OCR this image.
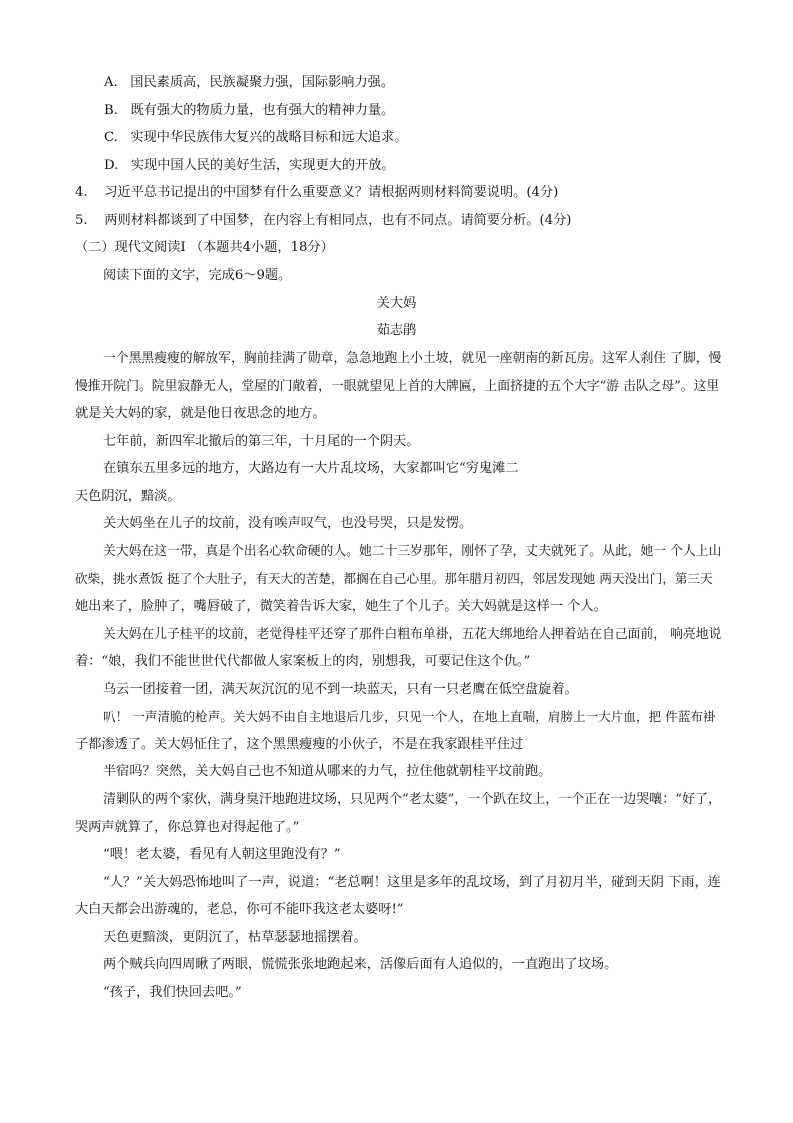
A. 国民素质高，民族凝聚力强，国际影响力强。
B. 既有强大的物质力量，也有强大的精神力量。
C. 实现中华民族伟大复兴的战略目标和远大追求。
D. 实现中国人民的美好生活，实现更大的开放。
4. 习近平总书记提出的中国梦有什么重要意义？请根据两则材料简要说明。(4分)
5. 两则材料都谈到了中国梦，在内容上有相同点，也有不同点。请简要分析。(4分)
（二）现代文阅读I （本题共4小题，18分）
阅读下面的文字，完成6～9题。
关大妈
茹志鹃
一个黑黑瘦瘦的解放军，胸前挂满了勋章，急急地跑上小土坡，就见一座朝南的新瓦房。这军人刹住 了脚，慢
慢推开院门。院里寂静无人，堂屋的门敞着，一眼就望见上首的大牌匾，上面挤捷的五个大字“游 击队之母”。这里
就是关大妈的家，就是他日夜思念的地方。
七年前，新四军北撤后的第三年，十月尾的一个阴天。
在镇东五里多远的地方，大路边有一大片乱坟场，大家都叫它“穷鬼滩二
天色阴沉，黯淡。
关大妈坐在儿子的坟前，没有唉声叹气，也没号哭，只是发愣。
关大妈在这一带，真是个出名心软命硬的人。她二十三岁那年，刚怀了孕，丈夫就死了。从此，她一 个人上山
砍柴，挑水煮饭 挺了个大肚子，有天大的苦楚，都搁在自己心里。那年腊月初四，邻居发现她 两天没出门，第三天
她出来了，脸肿了，嘴唇破了，微笑着告诉大家，她生了个儿子。关大妈就是这样一 个人。
关大妈在儿子桂平的坟前，老觉得桂平还穿了那件白粗布单褂，五花大绑地给人押着站在自己面前， 响亮地说
着：“娘，我们不能世世代代都做人家案板上的肉，别想我，可要记住这个仇。”
乌云一团接着一团，满天灰沉沉的见不到一块蓝天，只有一只老鹰在低空盘旋着。
叭！ 一声清脆的枪声。关大妈不由自主地退后几步，只见一个人，在地上直喘，肩膀上一大片血，把 件蓝布褂
子都渗透了。关大妈怔住了，这个黑黑瘦瘦的小伙子，不是在我家跟桂平住过
半宿吗？突然，关大妈自己也不知道从哪来的力气，拉住他就朝桂平坟前跑。
清剿队的两个家伙，满身臭汗地跑进坟场，只见两个“老太婆”，一个趴在坟上，一个正在一边哭嚷：“好了，
哭两声就算了，你总算也对得起他了。”
“喂！老太婆，看见有人朝这里跑没有？”
“人？”关大妈恐怖地叫了一声，说道：“老总啊！这里是多年的乱坟场，到了月初月半，碰到天阴 下雨，连
大白天都会出游魂的，老总，你可不能吓我这老太婆呀!”
天色更黯淡，更阴沉了，枯草瑟瑟地摇摆着。
两个贼兵向四周瞅了两眼，慌慌张张地跑起来，活像后面有人追似的，一直跑出了坟场。
“孩子，我们快回去吧。”
